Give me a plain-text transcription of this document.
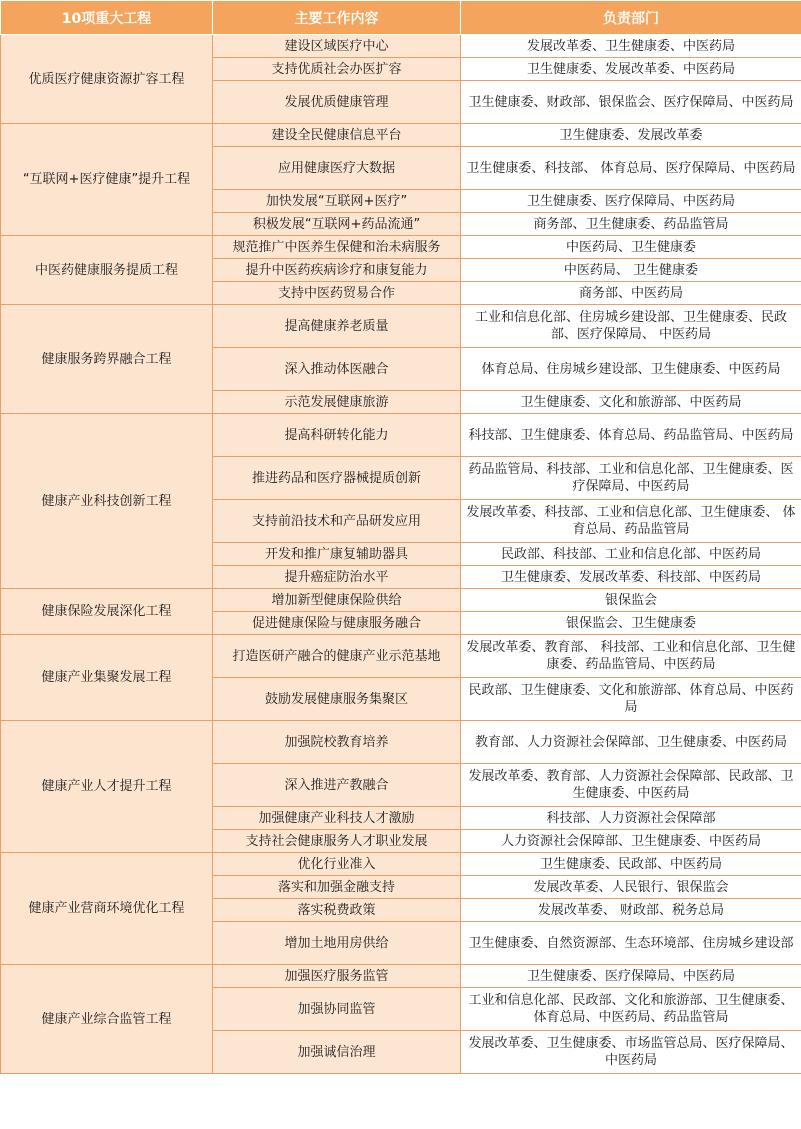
10项重大工程	主要工作内容	负责部门
优质医疗健康资源扩容工程	建设区域医疗中心	发展改革委、卫生健康委、中医药局
	支持优质社会办医扩容	卫生健康委、发展改革委、中医药局
	发展优质健康管理	卫生健康委、财政部、银保监会、医疗保障局、中医药局
“互联网+医疗健康”提升工程	建设全民健康信息平台	卫生健康委、发展改革委
	应用健康医疗大数据	卫生健康委、科技部、 体育总局、医疗保障局、中医药局
	加快发展“互联网+医疗”	卫生健康委、医疗保障局、中医药局
	积极发展“互联网+药品流通”	商务部、卫生健康委、药品监管局
中医药健康服务提质工程	规范推广中医养生保健和治未病服务	中医药局、卫生健康委
	提升中医药疾病诊疗和康复能力	中医药局、 卫生健康委
	支持中医药贸易合作	商务部、中医药局
健康服务跨界融合工程	提高健康养老质量	工业和信息化部、住房城乡建设部、卫生健康委、民政部、医疗保障局、 中医药局
	深入推动体医融合	体育总局、住房城乡建设部、卫生健康委、中医药局
	示范发展健康旅游	卫生健康委、文化和旅游部、中医药局
健康产业科技创新工程	提高科研转化能力	科技部、卫生健康委、体育总局、药品监管局、中医药局
	推进药品和医疗器械提质创新	药品监管局、科技部、工业和信息化部、卫生健康委、医疗保障局、中医药局
	支持前沿技术和产品研发应用	发展改革委、科技部、工业和信息化部、卫生健康委、 体育总局、药品监管局
	开发和推广康复辅助器具	民政部、科技部、工业和信息化部、中医药局
	提升癌症防治水平	卫生健康委、发展改革委、科技部、中医药局
健康保险发展深化工程	增加新型健康保险供给	银保监会
	促进健康保险与健康服务融合	银保监会、卫生健康委
健康产业集聚发展工程	打造医研产融合的健康产业示范基地	发展改革委、教育部、 科技部、工业和信息化部、卫生健康委、药品监管局、中医药局
	鼓励发展健康服务集聚区	民政部、卫生健康委、文化和旅游部、体育总局、中医药局
健康产业人才提升工程	加强院校教育培养	教育部、人力资源社会保障部、卫生健康委、中医药局
	深入推进产教融合	发展改革委、教育部、人力资源社会保障部、民政部、卫生健康委、中医药局
	加强健康产业科技人才激励	科技部、人力资源社会保障部
	支持社会健康服务人才职业发展	人力资源社会保障部、卫生健康委、中医药局
健康产业营商环境优化工程	优化行业准入	卫生健康委、民政部、中医药局
	落实和加强金融支持	发展改革委、人民银行、银保监会
	落实税费政策	发展改革委、 财政部、税务总局
	增加土地用房供给	卫生健康委、自然资源部、生态环境部、住房城乡建设部
健康产业综合监管工程	加强医疗服务监管	卫生健康委、医疗保障局、中医药局
	加强协同监管	工业和信息化部、民政部、文化和旅游部、卫生健康委、体育总局、中医药局、药品监管局
	加强诚信治理	发展改革委、卫生健康委、市场监管总局、医疗保障局、中医药局
